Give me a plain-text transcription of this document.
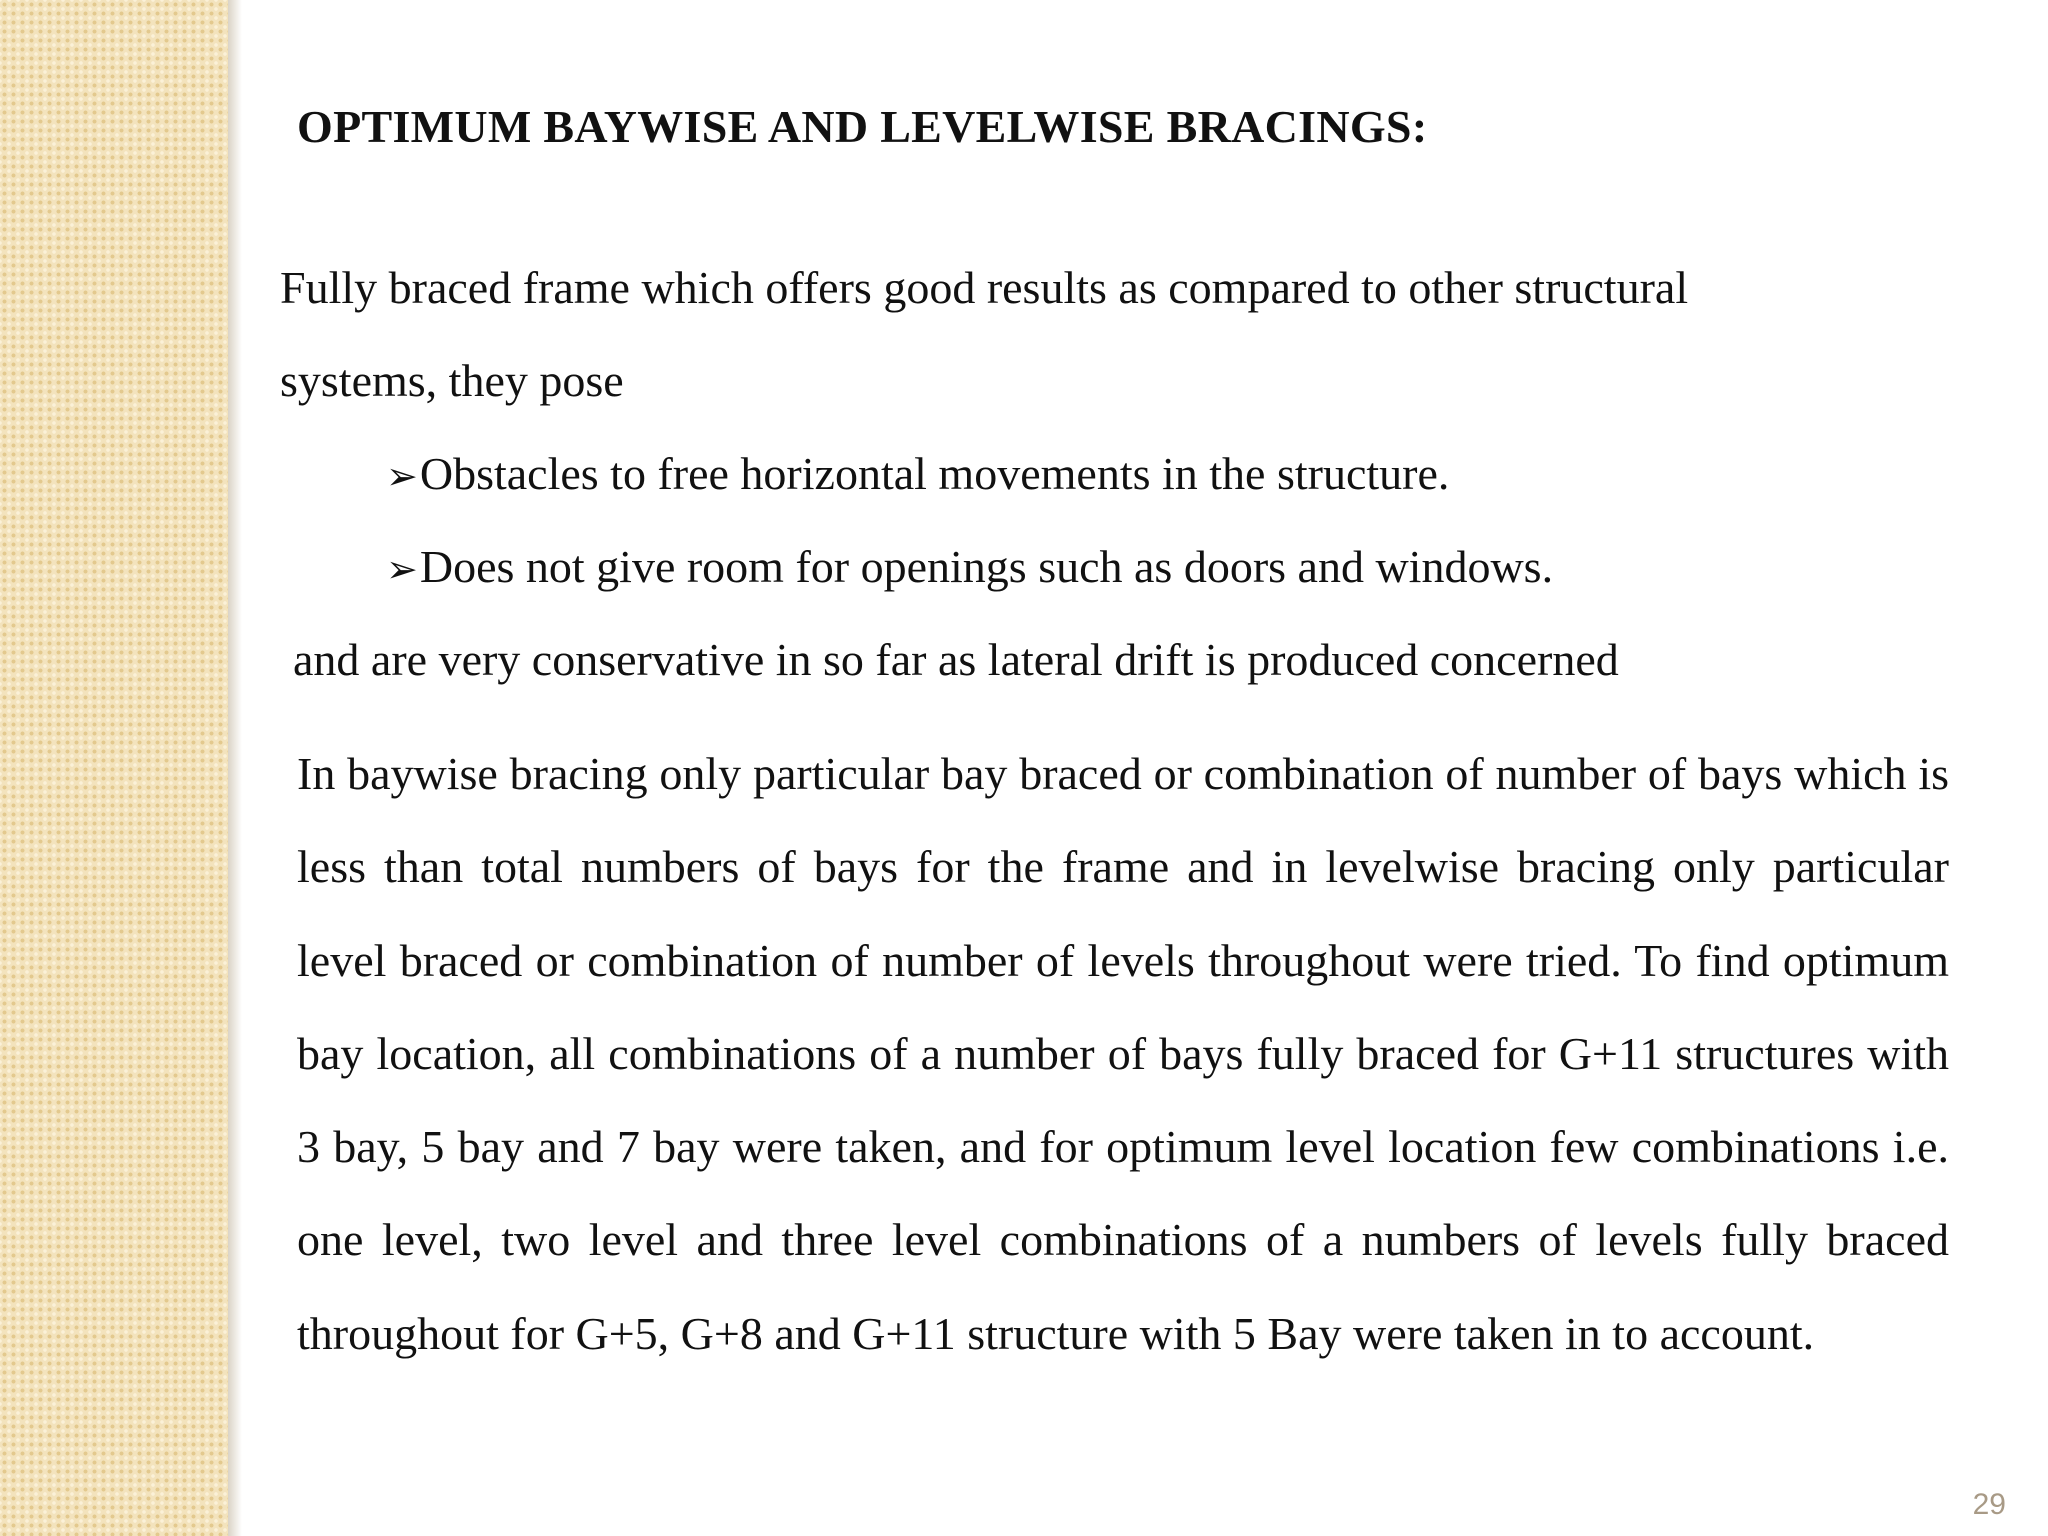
OPTIMUM BAYWISE AND LEVELWISE BRACINGS:

Fully braced frame which offers good results as compared to other structural

systems, they pose

➢Obstacles to free horizontal movements in the structure.
➢Does not give room for openings such as doors and windows.

and are very conservative in so far as lateral drift is produced concerned

In baywise bracing only particular bay braced or combination of number of bays which is less than total numbers of bays for the frame and in levelwise bracing only particular level braced or combination of number of levels throughout were tried. To find optimum bay location, all combinations of a number of bays fully braced for G+11 structures with 3 bay, 5 bay and 7 bay were taken, and for optimum level location few combinations i.e. one level, two level and three level combinations of a numbers of levels fully braced throughout for G+5, G+8 and G+11 structure with 5 Bay were taken in to account.

29
